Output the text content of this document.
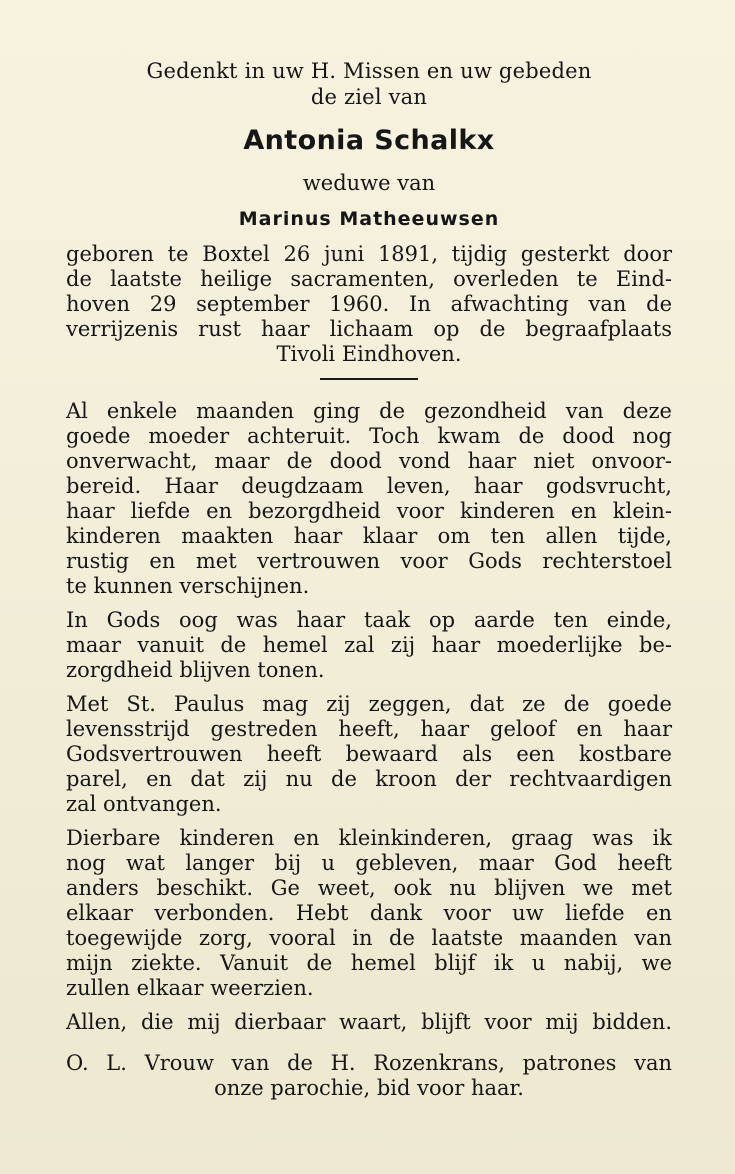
Gedenkt in uw H. Missen en uw gebeden
de ziel van
Antonia Schalkx
weduwe van
Marinus Matheeuwsen
geboren te Boxtel 26 juni 1891, tijdig gesterkt door
de laatste heilige sacramenten, overleden te Eind-
hoven 29 september 1960. In afwachting van de
verrijzenis rust haar lichaam op de begraafplaats
Tivoli Eindhoven.
Al enkele maanden ging de gezondheid van deze
goede moeder achteruit. Toch kwam de dood nog
onverwacht, maar de dood vond haar niet onvoor-
bereid. Haar deugdzaam leven, haar godsvrucht,
haar liefde en bezorgdheid voor kinderen en klein-
kinderen maakten haar klaar om ten allen tijde,
rustig en met vertrouwen voor Gods rechterstoel
te kunnen verschijnen.
In Gods oog was haar taak op aarde ten einde,
maar vanuit de hemel zal zij haar moederlijke be-
zorgdheid blijven tonen.
Met St. Paulus mag zij zeggen, dat ze de goede
levensstrijd gestreden heeft, haar geloof en haar
Godsvertrouwen heeft bewaard als een kostbare
parel, en dat zij nu de kroon der rechtvaardigen
zal ontvangen.
Dierbare kinderen en kleinkinderen, graag was ik
nog wat langer bij u gebleven, maar God heeft
anders beschikt. Ge weet, ook nu blijven we met
elkaar verbonden. Hebt dank voor uw liefde en
toegewijde zorg, vooral in de laatste maanden van
mijn ziekte. Vanuit de hemel blijf ik u nabij, we
zullen elkaar weerzien.
Allen, die mij dierbaar waart, blijft voor mij bidden.
O. L. Vrouw van de H. Rozenkrans, patrones van
onze parochie, bid voor haar.
